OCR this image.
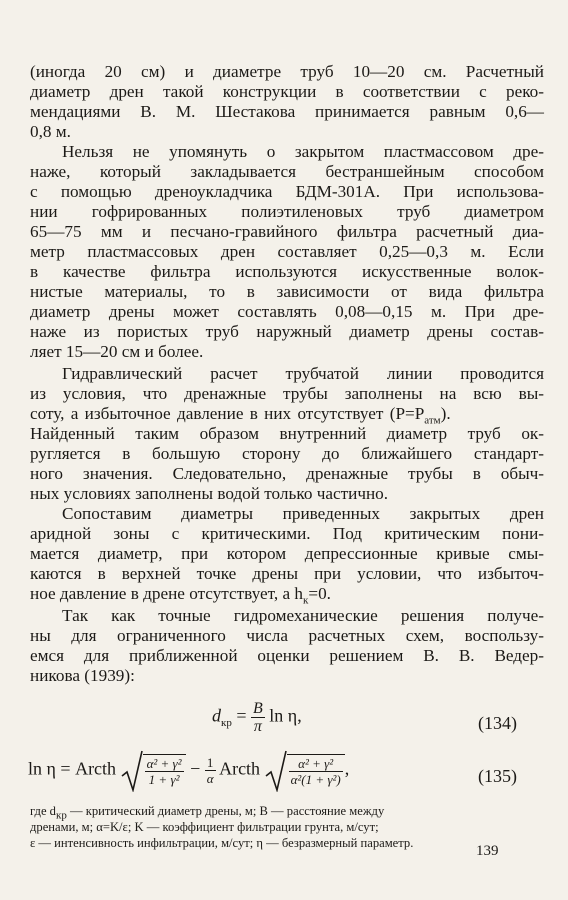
(иногда 20 см) и диаметре труб 10—20 см. Расчетный
диаметр дрен такой конструкции в соответствии с реко-
мендациями В. М. Шестакова принимается равным 0,6—
0,8 м.
Нельзя не упомянуть о закрытом пластмассовом дре-
наже, который закладывается бестраншейным способом
с помощью дреноукладчика БДМ-301А. При использова-
нии гофрированных полиэтиленовых труб диаметром
65—75 мм и песчано-гравийного фильтра расчетный диа-
метр пластмассовых дрен составляет 0,25—0,3 м. Если
в качестве фильтра используются искусственные волок-
нистые материалы, то в зависимости от вида фильтра
диаметр дрены может составлять 0,08—0,15 м. При дре-
наже из пористых труб наружный диаметр дрены состав-
ляет 15—20 см и более.
Гидравлический расчет трубчатой линии проводится
из условия, что дренажные трубы заполнены на всю вы-
соту, а избыточное давление в них отсутствует $(P=P_{атм})$.
Найденный таким образом внутренний диаметр труб ок-
ругляется в большую сторону до ближайшего стандарт-
ного значения. Следовательно, дренажные трубы в обыч-
ных условиях заполнены водой только частично.
Сопоставим диаметры приведенных закрытых дрен
аридной зоны с критическими. Под критическим пони-
мается диаметр, при котором депрессионные кривые смы-
каются в верхней точке дрены при условии, что избыточ-
ное давление в дрене отсутствует, а $h_к=0$.
Так как точные гидромеханические решения получе-
ны для ограниченного числа расчетных схем, воспользу-
емся для приближенной оценки решением В. В. Ведер-
никова (1939):
$d_{кр} = \frac{B}{\pi}$ ln η,	(134)
ln η = Arcth $\frac{\text{α² + γ²}}{\text{1 + γ²}} - \frac{1}{\alpha}$ Arcth $\frac{\text{α² + γ²}}{\text{α²(1 + γ²)}}$ ,	(135)
где $d_{кр}$ — критический диаметр дрены, м; B — расстояние между
дренами, м; α=K/ε; K — коэффициент фильтрации грунта, м/сут;
ε — интенсивность инфильтрации, м/сут; η — безразмерный параметр.	139
